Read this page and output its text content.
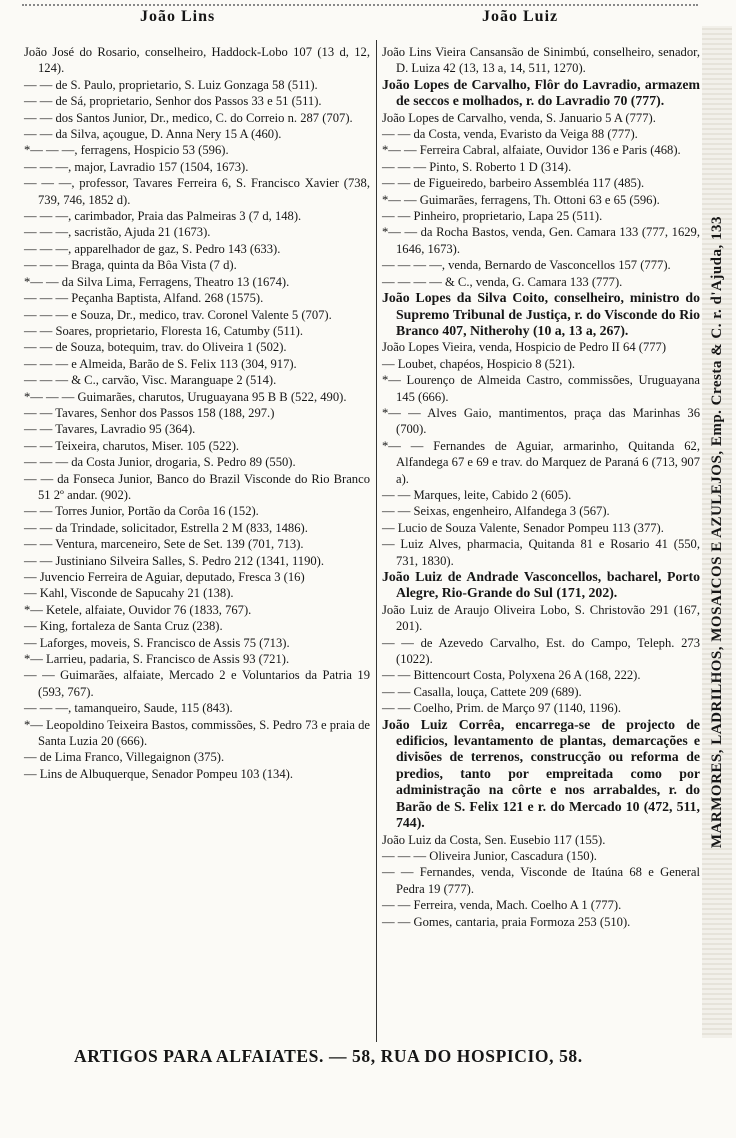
João Lins	João Luiz

João José do Rosario, conselheiro, Haddock-Lobo 107 (13 d, 12, 124).

— — de S. Paulo, proprietario, S. Luiz Gonzaga 58 (511).

— — de Sá, proprietario, Senhor dos Passos 33 e 51 (511).

— — dos Santos Junior, Dr., medico, C. do Correio n. 287 (707).

— — da Silva, açougue, D. Anna Nery 15 A (460).

*— — —, ferragens, Hospicio 53 (596).

— — —, major, Lavradio 157 (1504, 1673).

— — —, professor, Tavares Ferreira 6, S. Francisco Xavier (738, 739, 746, 1852 d).

— — —, carimbador, Praia das Palmeiras 3 (7 d, 148).

— — —, sacristão, Ajuda 21 (1673).

— — —, apparelhador de gaz, S. Pedro 143 (633).

— — — Braga, quinta da Bôa Vista (7 d).

*— — da Silva Lima, Ferragens, Theatro 13 (1674).

— — — Peçanha Baptista, Alfand. 268 (1575).

— — — e Souza, Dr., medico, trav. Coronel Valente 5 (707).

— — Soares, proprietario, Floresta 16, Catumby (511).

— — de Souza, botequim, trav. do Oliveira 1 (502).

— — — e Almeida, Barão de S. Felix 113 (304, 917).

— — — & C., carvão, Visc. Maranguape 2 (514).

*— — — Guimarães, charutos, Uruguayana 95 B B (522, 490).

— — Tavares, Senhor dos Passos 158 (188, 297.)

— — Tavares, Lavradio 95 (364).

— — Teixeira, charutos, Miser. 105 (522).

— — — da Costa Junior, drogaria, S. Pedro 89 (550).

— — da Fonseca Junior, Banco do Brazil Visconde do Rio Branco 51 2º andar. (902).

— — Torres Junior, Portão da Corôa 16 (152).

— — da Trindade, solicitador, Estrella 2 M (833, 1486).

— — Ventura, marceneiro, Sete de Set. 139 (701, 713).

— — Justiniano Silveira Salles, S. Pedro 212 (1341, 1190).

— Juvencio Ferreira de Aguiar, deputado, Fresca 3 (16)

— Kahl, Visconde de Sapucahy 21 (138).

*— Ketele, alfaiate, Ouvidor 76 (1833, 767).

— King, fortaleza de Santa Cruz (238).

— Laforges, moveis, S. Francisco de Assis 75 (713).

*— Larrieu, padaria, S. Francisco de Assis 93 (721).

— — Guimarães, alfaiate, Mercado 2 e Voluntarios da Patria 19 (593, 767).

— — —, tamanqueiro, Saude, 115 (843).

*— Leopoldino Teixeira Bastos, commissões, S. Pedro 73 e praia de Santa Luzia 20 (666).

— de Lima Franco, Villegaignon (375).

— Lins de Albuquerque, Senador Pompeu 103 (134).

João Lins Vieira Cansansão de Sinimbú, conselheiro, senador, D. Luiza 42 (13, 13 a, 14, 511, 1270).

João Lopes de Carvalho, Flôr do Lavradio, armazem de seccos e molhados, r. do Lavradio 70 (777).

João Lopes de Carvalho, venda, S. Januario 5 A (777).

— — da Costa, venda, Evaristo da Veiga 88 (777).

*— — Ferreira Cabral, alfaiate, Ouvidor 136 e Paris (468).

— — — Pinto, S. Roberto 1 D (314).

— — de Figueiredo, barbeiro Assembléa 117 (485).

*— — Guimarães, ferragens, Th. Ottoni 63 e 65 (596).

— — Pinheiro, proprietario, Lapa 25 (511).

*— — da Rocha Bastos, venda, Gen. Camara 133 (777, 1629, 1646, 1673).

— — — —, venda, Bernardo de Vasconcellos 157 (777).

— — — — & C., venda, G. Camara 133 (777).

João Lopes da Silva Coito, conselheiro, ministro do Supremo Tribunal de Justiça, r. do Visconde do Rio Branco 407, Nitherohy (10 a, 13 a, 267).

João Lopes Vieira, venda, Hospicio de Pedro II 64 (777)

— Loubet, chapéos, Hospicio 8 (521).

*— Lourenço de Almeida Castro, commissões, Uruguayana 145 (666).

*— — Alves Gaio, mantimentos, praça das Marinhas 36 (700).

*— — Fernandes de Aguiar, armarinho, Quitanda 62, Alfandega 67 e 69 e trav. do Marquez de Paraná 6 (713, 907 a).

— — Marques, leite, Cabido 2 (605).

— — Seixas, engenheiro, Alfandega 3 (567).

— Lucio de Souza Valente, Senador Pompeu 113 (377).

— Luiz Alves, pharmacia, Quitanda 81 e Rosario 41 (550, 731, 1830).

João Luiz de Andrade Vasconcellos, bacharel, Porto Alegre, Rio-Grande do Sul (171, 202).

João Luiz de Araujo Oliveira Lobo, S. Christovão 291 (167, 201).

— — de Azevedo Carvalho, Est. do Campo, Teleph. 273 (1022).

— — Bittencourt Costa, Polyxena 26 A (168, 222).

— — Casalla, louça, Cattete 209 (689).

— — Coelho, Prim. de Março 97 (1140, 1196).

João Luiz Corrêa, encarrega-se de projecto de edificios, levantamento de plantas, demarcações e divisões de terrenos, construcção ou reforma de predios, tanto por empreitada como por administração na côrte e nos arrabaldes, r. do Barão de S. Felix 121 e r. do Mercado 10 (472, 511, 744).

João Luiz da Costa, Sen. Eusebio 117 (155).

— — — Oliveira Junior, Cascadura (150).

— — Fernandes, venda, Visconde de Itaúna 68 e General Pedra 19 (777).

— — Ferreira, venda, Mach. Coelho A 1 (777).

— — Gomes, cantaria, praia Formoza 253 (510).

MARMORES, LADRILHOS, MOSAICOS E AZULEJOS, Emp. Cresta & C. r. d'Ajuda, 133
ARTIGOS PARA ALFAIATES. — 58, RUA DO HOSPICIO, 58.
